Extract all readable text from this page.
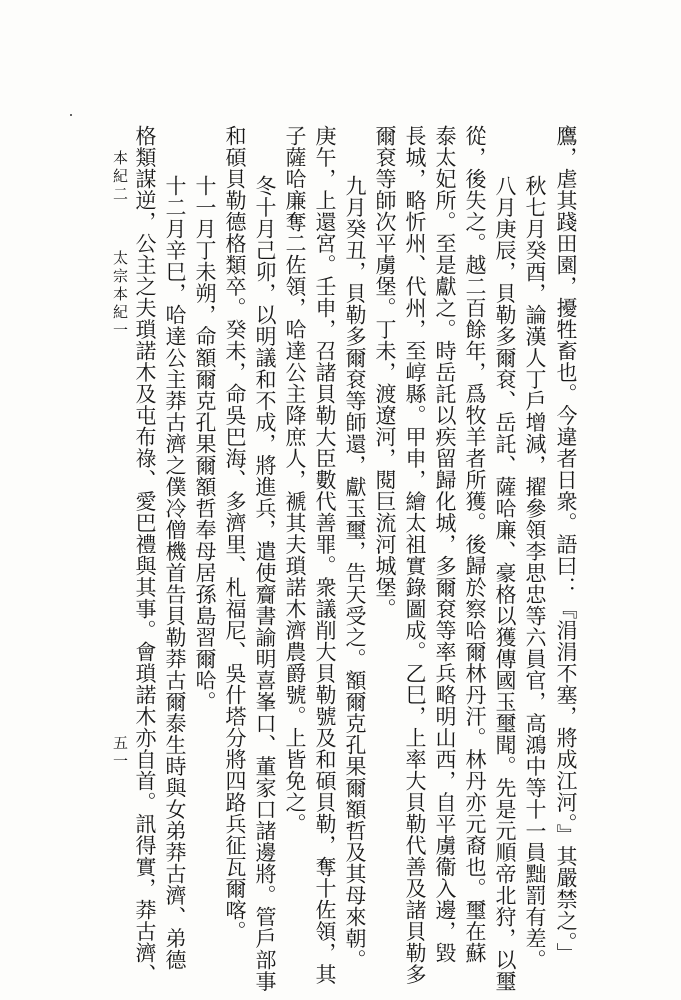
本紀二
太宗本紀一
五一	鷹，虐其踐田園，擾牲畜也。今違者日衆。語曰：『涓涓不塞，將成江河。』其嚴禁之。」
秋七月癸酉，論漢人丁戶增減，擢參領李思忠等六員官，高鴻中等十一員黜罰有差。
八月庚辰，貝勒多爾袞、岳託、薩哈廉、豪格以獲傳國玉璽聞。先是元順帝北狩，以璽
從，後失之。越二百餘年，爲牧羊者所獲。後歸於察哈爾林丹汗。林丹亦元裔也。璽在蘇
泰太妃所。至是獻之。時岳託以疾留歸化城，多爾袞等率兵略明山西，自平虜衞入邊，毀
長城，略忻州、代州，至崞縣。甲申，繪太祖實錄圖成。乙巳，上率大貝勒代善及諸貝勒多
爾袞等師次平虜堡。丁未，渡遼河，閱巨流河城堡。
九月癸丑，貝勒多爾袞等師還，獻玉璽，告天受之。額爾克孔果爾額哲及其母來朝。
庚午，上還宮。壬申，召諸貝勒大臣數代善罪。衆議削大貝勒號及和碩貝勒，奪十佐領，其
子薩哈廉奪二佐領，哈達公主降庶人，褫其夫瑣諾木濟農爵號。上皆免之。
冬十月己卯，以明議和不成，將進兵，遣使齎書諭明喜峯口、董家口諸邊將。管戶部事
和碩貝勒德格類卒。癸未，命吳巴海、多濟里、札福尼、吳什塔分將四路兵征瓦爾喀。
十一月丁未朔，命額爾克孔果爾額哲奉母居孫島習爾哈。
十二月辛巳，哈達公主莽古濟之僕冷僧機首告貝勒莽古爾泰生時與女弟莽古濟、弟德
格類謀逆，公主之夫瑣諾木及屯布祿、愛巴禮與其事。會瑣諾木亦自首。訊得實，莽古濟、
